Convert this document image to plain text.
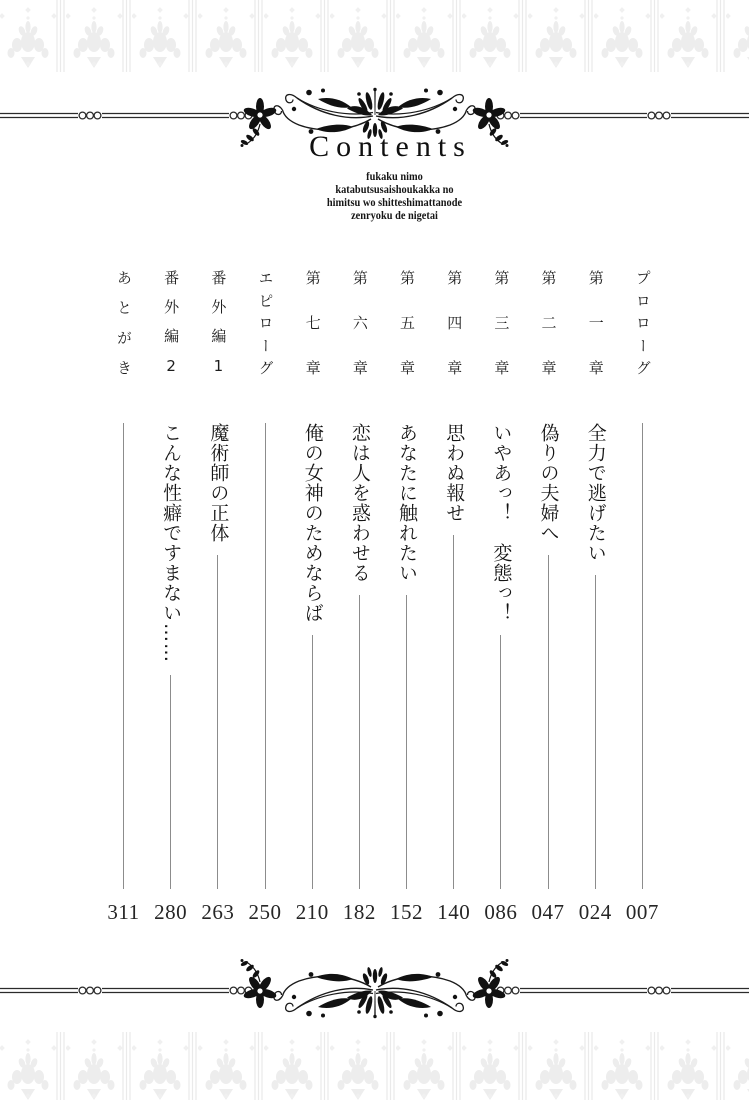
Contents
fukaku nimo
katabutsusaishoukakka no
himitsu wo shitteshimattanode
zenryoku de nigetai
プ
ロ
ロ
ー
グ
007
第
一
章
全力で逃げたい
024
第
二
章
偽りの夫婦へ
047
第
三
章
いやあっ！　変態っ！
086
第
四
章
思わぬ報せ
140
第
五
章
あなたに触れたい
152
第
六
章
恋は人を惑わせる
182
第
七
章
俺の女神のためならば
210
エ
ピ
ロ
ー
グ
250
番
外
編
1
魔術師の正体
263
番
外
編
2
こんな性癖ですまない……
280
あ
と
が
き
311
